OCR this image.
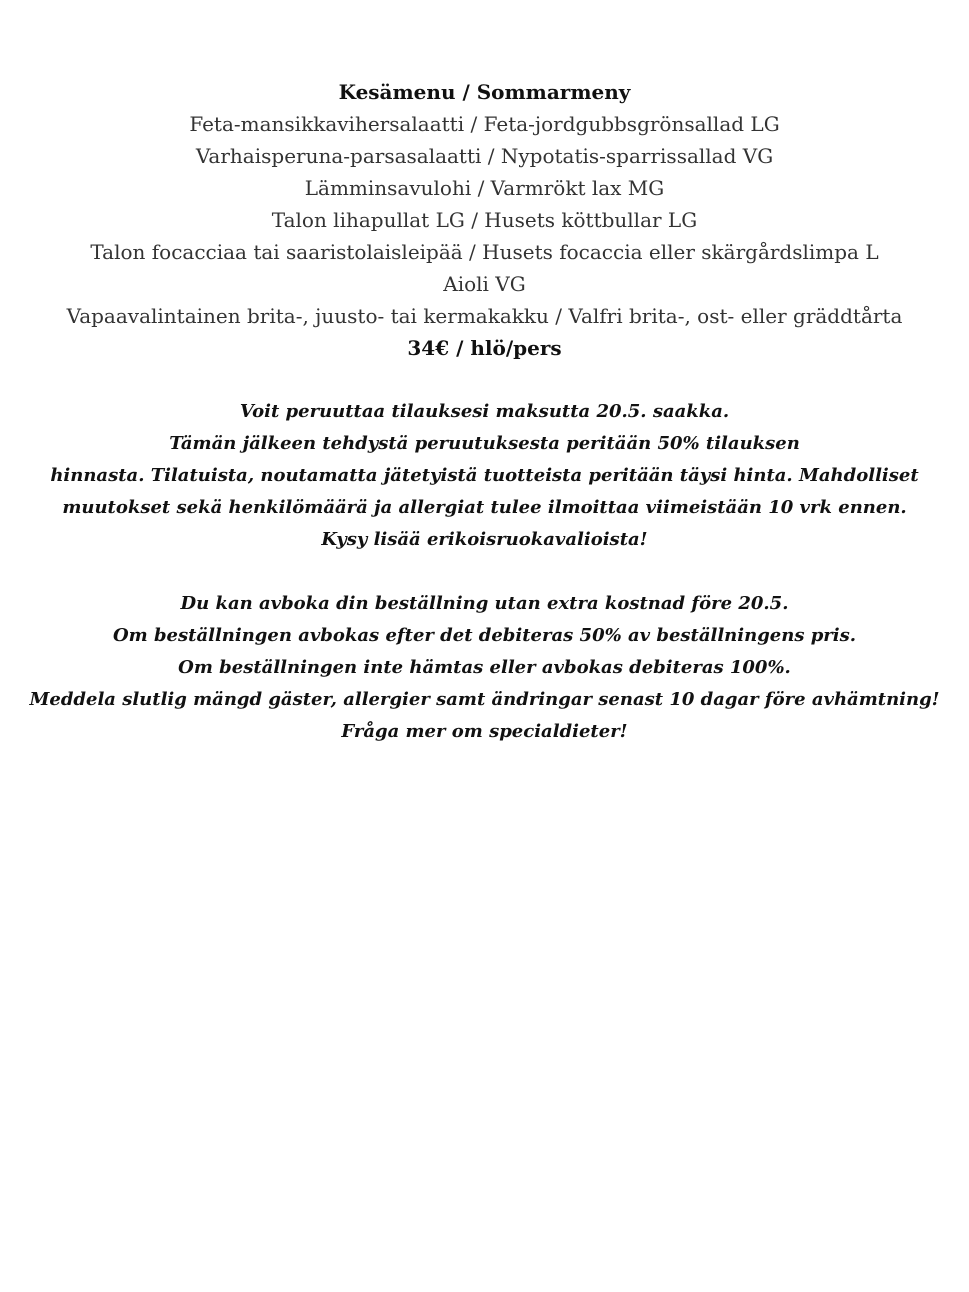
Kesämenu / Sommarmeny
Feta-mansikkavihersalaatti / Feta-jordgubbsgrönsallad LG
Varhaisperuna-parsasalaatti / Nypotatis-sparrissallad VG
Lämminsavulohi / Varmrökt lax MG
Talon lihapullat LG / Husets köttbullar LG
Talon focacciaa tai saaristolaisleipää / Husets focaccia eller skärgårdslimpa L
Aioli VG
Vapaavalintainen brita-, juusto- tai kermakakku / Valfri brita-, ost- eller gräddtårta
34€ / hlö/pers
Voit peruuttaa tilauksesi maksutta 20.5. saakka.
Tämän jälkeen tehdystä peruutuksesta peritään 50% tilauksen
hinnasta. Tilatuista, noutamatta jätetyistä tuotteista peritään täysi hinta. Mahdolliset
muutokset sekä henkilömäärä ja allergiat tulee ilmoittaa viimeistään 10 vrk ennen.
Kysy lisää erikoisruokavalioista!
Du kan avboka din beställning utan extra kostnad före 20.5.
Om beställningen avbokas efter det debiteras 50% av beställningens pris.
Om beställningen inte hämtas eller avbokas debiteras 100%.
Meddela slutlig mängd gäster, allergier samt ändringar senast 10 dagar före avhämtning!
Fråga mer om specialdieter!
